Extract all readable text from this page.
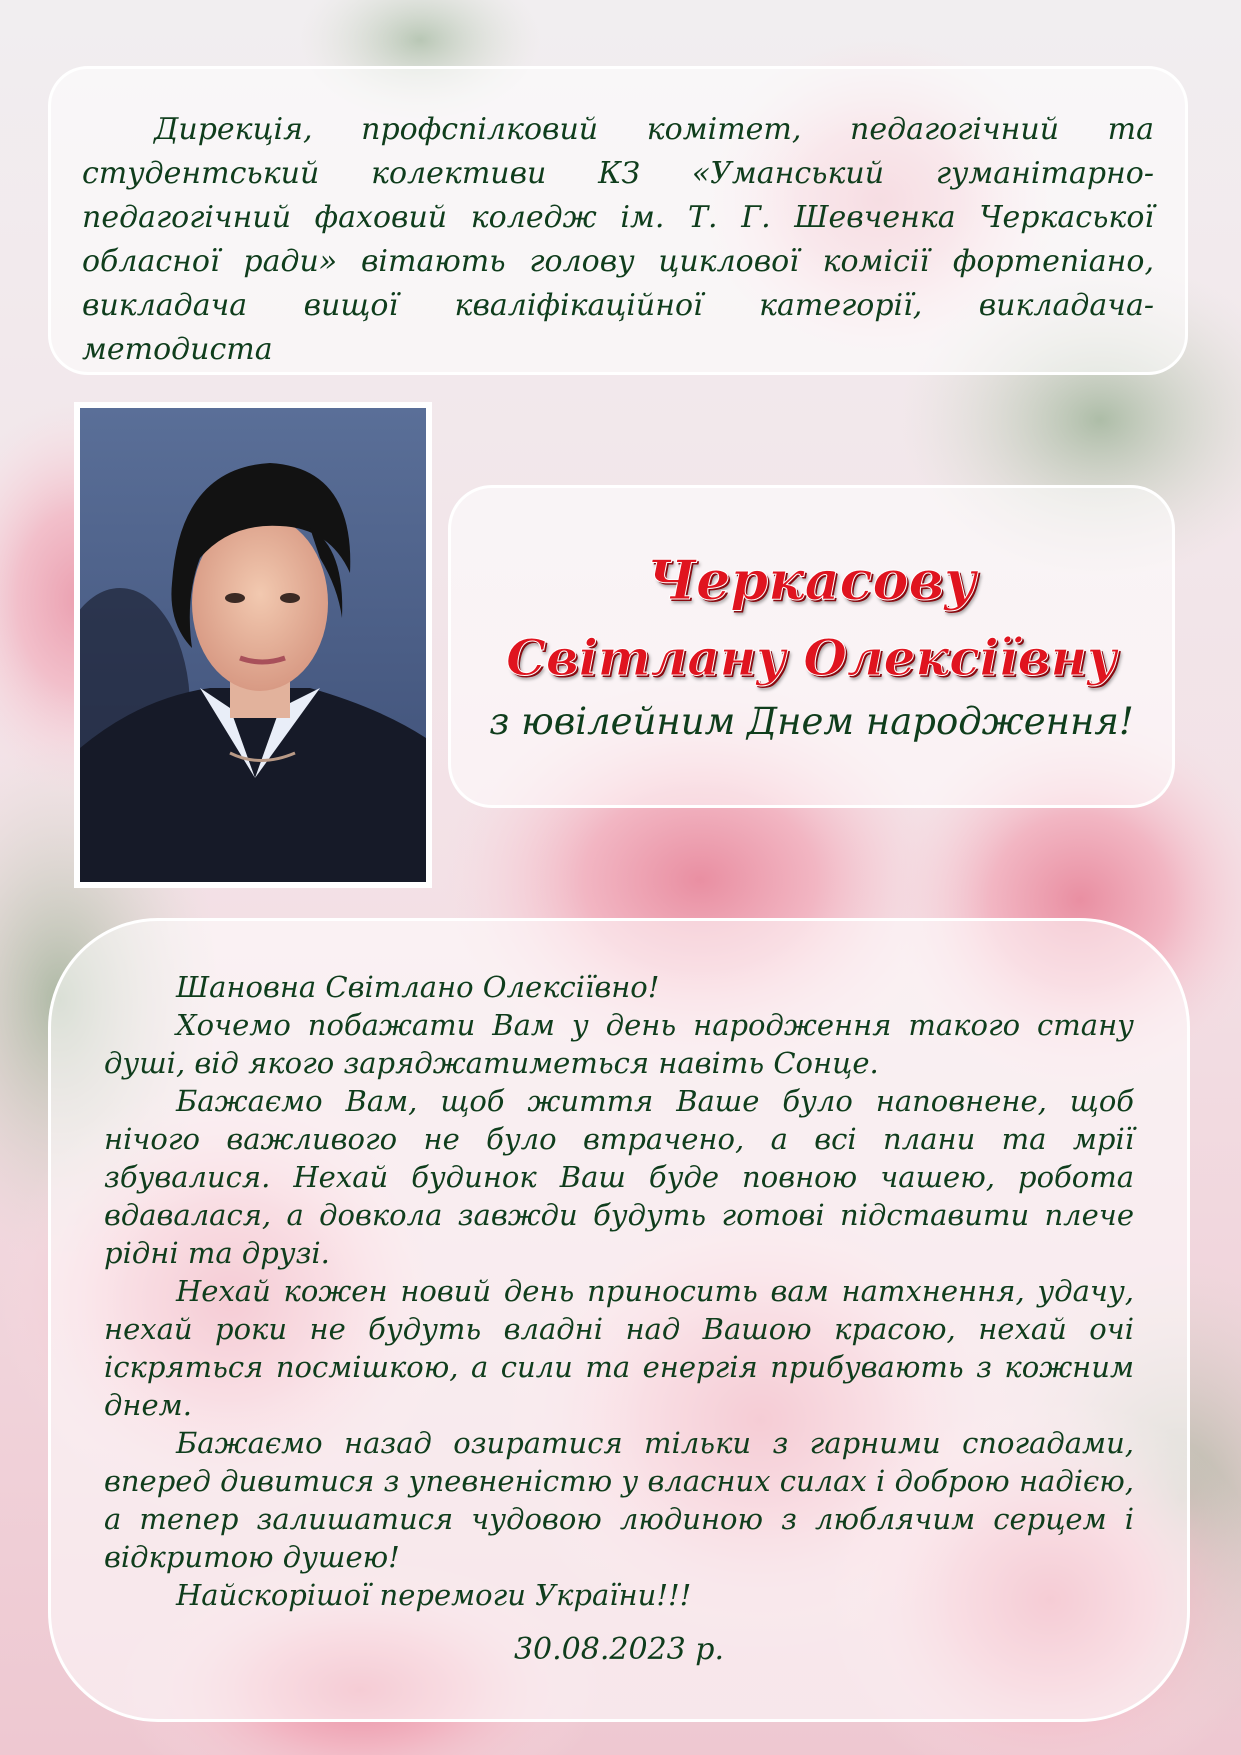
Дирекція, профспілковий комітет, педагогічний та студентський колективи КЗ «Уманський гуманітарно-педагогічний фаховий коледж ім. Т. Г. Шевченка Черкаської обласної ради» вітають голову циклової комісії фортепіано, викладача вищої кваліфікаційної категорії, викладача-методиста

Черкасову

Світлану Олексіївну

з ювілейним Днем народження!

Шановна Світлано Олексіївно!

Хочемо побажати Вам у день народження такого стану душі, від якого заряджатиметься навіть Сонце.

Бажаємо Вам, щоб життя Ваше було наповнене, щоб нічого важливого не було втрачено, а всі плани та мрії збувалися. Нехай будинок Ваш буде повною чашею, робота вдавалася, а довкола завжди будуть готові підставити плече рідні та друзі.

Нехай кожен новий день приносить вам натхнення, удачу, нехай роки не будуть владні над Вашою красою, нехай очі іскряться посмішкою, а сили та енергія прибувають з кожним днем.

Бажаємо назад озиратися тільки з гарними спогадами, вперед дивитися з упевненістю у власних силах і доброю надією, а тепер залишатися чудовою людиною з люблячим серцем і відкритою душею!

Найскорішої перемоги України!!!

30.08.2023 р.
